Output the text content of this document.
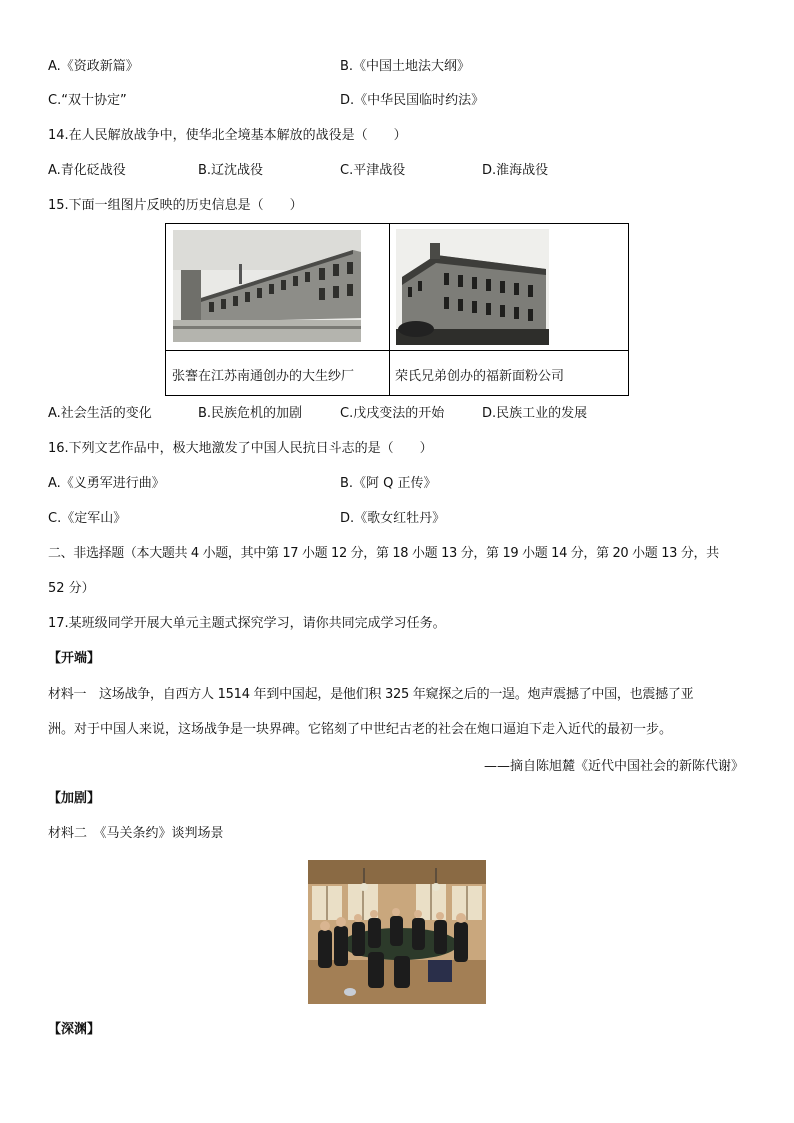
A.《资政新篇》	B.《中国土地法大纲》
C.“双十协定”	D.《中华民国临时约法》
14.在人民解放战争中，使华北全境基本解放的战役是（　　）
A.青化砭战役	B.辽沈战役	C.平津战役	D.淮海战役
15.下面一组图片反映的历史信息是（　　）

张謇在江苏南通创办的大生纱厂	荣氏兄弟创办的福新面粉公司
A.社会生活的变化	B.民族危机的加剧	C.戊戌变法的开始	D.民族工业的发展
16.下列文艺作品中，极大地激发了中国人民抗日斗志的是（　　）
A.《义勇军进行曲》	B.《阿 Q 正传》
C.《定军山》	D.《歌女红牡丹》
二、非选择题（本大题共 4 小题，其中第 17 小题 12 分，第 18 小题 13 分，第 19 小题 14 分，第 20 小题 13 分，共
52 分）
17.某班级同学开展大单元主题式探究学习，请你共同完成学习任务。
【开端】
材料一　这场战争，自西方人 1514 年到中国起，是他们积 325 年窥探之后的一逞。炮声震撼了中国，也震撼了亚
洲。对于中国人来说，这场战争是一块界碑。它铭刻了中世纪古老的社会在炮口逼迫下走入近代的最初一步。
——摘自陈旭麓《近代中国社会的新陈代谢》
【加剧】
材料二　《马关条约》谈判场景
【深渊】
